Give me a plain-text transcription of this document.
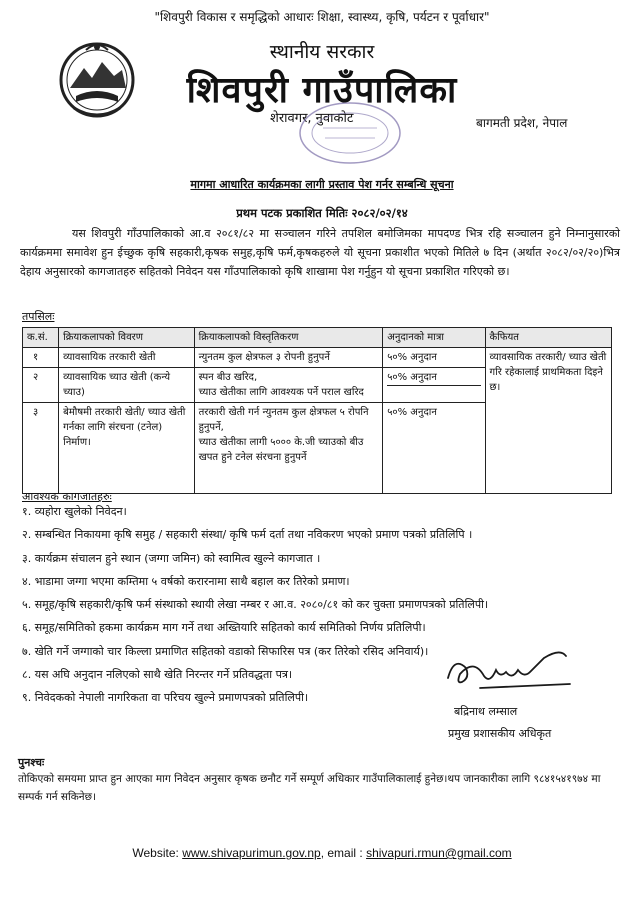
"शिवपुरी विकास र समृद्धिको आधारः शिक्षा, स्वास्थ्य, कृषि, पर्यटन र पूर्वाधार"
स्थानीय सरकार
शिवपुरी गाउँपालिका
शेरावगर, नुवाकोट	बागमती प्रदेश, नेपाल
मागमा आधारित कार्यक्रमका लागी प्रस्ताव पेश गर्नर सम्बन्धि सूचना
प्रथम पटक प्रकाशित मितिः २०८२/०२/१४
यस शिवपुरी गाँउपालिकाको आ.व २०८१/८२ मा सञ्चालन गरिने तपशिल बमोजिमका मापदण्ड भित्र रहि सञ्चालन हुने निम्नानुसारको कार्यक्रममा समावेश हुन ईच्छुक कृषि सहकारी,कृषक समुह,कृषि फर्म,कृषकहरुले यो सूचना प्रकाशीत भएको मितिले ७ दिन (अर्थात २०८२/०२/२०)भित्र देहाय अनुसारको कागजातहरु सहितको निवेदन यस गाँउपालिकाको कृषि शाखामा पेश गर्नुहुन यो सूचना प्रकाशित गरिएको छ।
तपसिलः
क.सं.	क्रियाकलापको विवरण	क्रियाकलापको विस्तृतिकरण	अनुदानको मात्रा	कैफियत
१	व्यावसायिक तरकारी खेती	न्युनतम कुल क्षेत्रफल ३ रोपनी हुनुपर्ने	५०% अनुदान	व्यावसायिक तरकारी/ च्याउ खेती गरि रहेकालाई प्राथमिकता दिइने छ।
२	व्यावसायिक च्याउ खेती (कन्ये च्याउ)	स्पन बीउ खरिद,
च्याउ खेतीका लागि आवश्यक पर्ने पराल खरिद	५०% अनुदान	
३	बेमौषमी तरकारी खेती/ च्याउ खेती गर्नका लागि संरचना (टनेल) निर्माण।	तरकारी खेती गर्न न्युनतम कुल क्षेत्रफल ५ रोपनि हुनुपर्ने,
च्याउ खेतीका लागी ५००० के.जी च्याउको बीउ खपत हुने टनेल संरचना हुनुपर्ने	५०% अनुदान	
आवश्यक कागजातहरुः
१. व्यहोरा खुलेको निवेदन।
२. सम्बन्धित निकायमा कृषि समुह / सहकारी संस्था/ कृषि फर्म दर्ता तथा नविकरण भएको प्रमाण पत्रको प्रतिलिपि ।
३. कार्यक्रम संचालन हुने स्थान (जग्गा जमिन) को स्वामित्व खुल्ने कागजात ।
४. भाडामा जग्गा भएमा कम्तिमा ५ वर्षको करारनामा साथै बहाल कर तिरेको प्रमाण।
५. समूह/कृषि सहकारी/कृषि फर्म संस्थाको स्थायी लेखा नम्बर र आ.व. २०८०/८१ को कर चुक्ता प्रमाणपत्रको प्रतिलिपी।
६. समूह/समितिको हकमा कार्यक्रम माग गर्ने तथा अख्तियारि सहितको कार्य समितिको निर्णय प्रतिलिपी।
७. खेति गर्ने जग्गाको चार किल्ला प्रमाणित सहितको वडाको सिफारिस पत्र (कर तिरेको रसिद अनिवार्य)।
८. यस अघि अनुदान नलिएको साथै खेति निरन्तर गर्ने प्रतिवद्धता पत्र।
९. निवेदकको नेपाली नागरिकता वा परिचय खुल्ने प्रमाणपत्रको प्रतिलिपी।
बद्रिनाथ लम्साल
प्रमुख प्रशासकीय अधिकृत
पुनश्चः
तोकिएको समयमा प्राप्त हुन आएका माग निवेदन अनुसार कृषक छनौट गर्ने सम्पूर्ण अधिकार गाउँपालिकालाई हुनेछ।थप जानकारीका लागि ९८४१५४१९७४ मा सम्पर्क गर्न सकिनेछ।
Website: www.shivapurimun.gov.np, email : shivapuri.rmun@gmail.com
